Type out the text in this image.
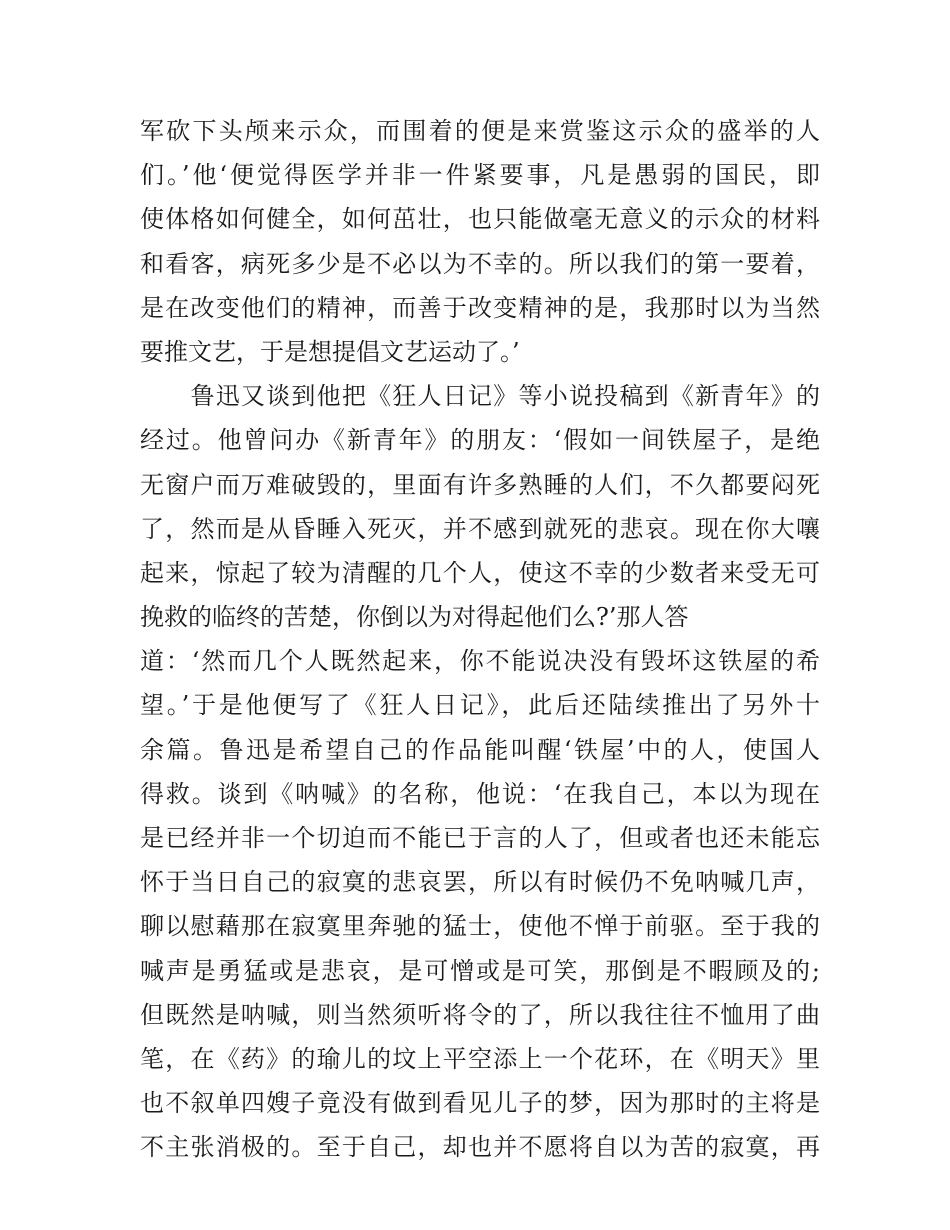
军砍下头颅来示众，而围着的便是来赏鉴这示众的盛举的人
们。’他‘便觉得医学并非一件紧要事，凡是愚弱的国民，即
使体格如何健全，如何茁壮，也只能做毫无意义的示众的材料
和看客，病死多少是不必以为不幸的。所以我们的第一要着，
是在改变他们的精神，而善于改变精神的是，我那时以为当然
要推文艺，于是想提倡文艺运动了。’
　　鲁迅又谈到他把《狂人日记》等小说投稿到《新青年》的
经过。他曾问办《新青年》的朋友：‘假如一间铁屋子，是绝
无窗户而万难破毁的，里面有许多熟睡的人们，不久都要闷死
了，然而是从昏睡入死灭，并不感到就死的悲哀。现在你大嚷
起来，惊起了较为清醒的几个人，使这不幸的少数者来受无可
挽救的临终的苦楚，你倒以为对得起他们么?’那人答
道：‘然而几个人既然起来，你不能说决没有毁坏这铁屋的希
望。’于是他便写了《狂人日记》，此后还陆续推出了另外十
余篇。鲁迅是希望自己的作品能叫醒‘铁屋’中的人，使国人
得救。谈到《呐喊》的名称，他说：‘在我自己，本以为现在
是已经并非一个切迫而不能已于言的人了，但或者也还未能忘
怀于当日自己的寂寞的悲哀罢，所以有时候仍不免呐喊几声，
聊以慰藉那在寂寞里奔驰的猛士，使他不惮于前驱。至于我的
喊声是勇猛或是悲哀，是可憎或是可笑，那倒是不暇顾及的;
但既然是呐喊，则当然须听将令的了，所以我往往不恤用了曲
笔，在《药》的瑜儿的坟上平空添上一个花环，在《明天》里
也不叙单四嫂子竟没有做到看见儿子的梦，因为那时的主将是
不主张消极的。至于自己，却也并不愿将自以为苦的寂寞，再
